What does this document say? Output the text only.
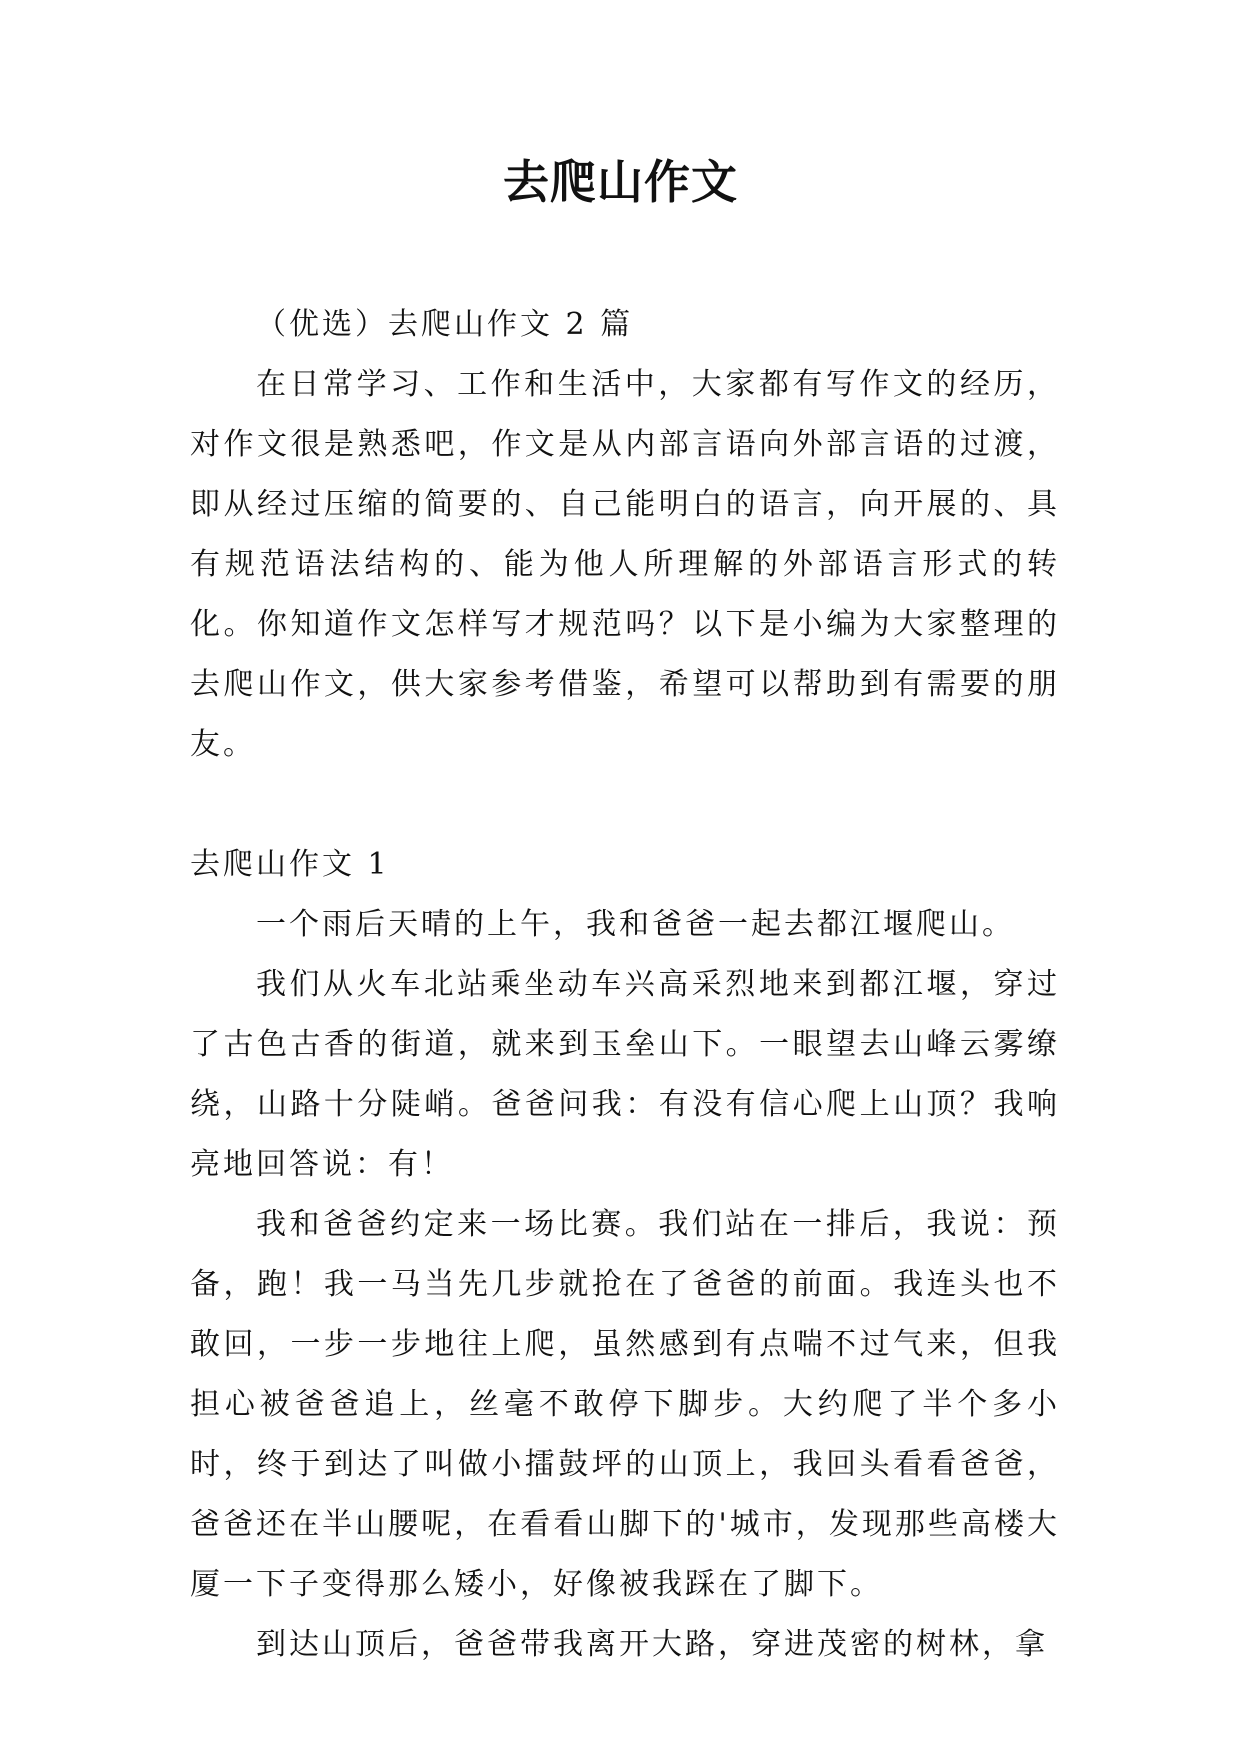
去爬山作文

（优选）去爬山作文 2 篇

在日常学习、工作和生活中，大家都有写作文的经历，对作文很是熟悉吧，作文是从内部言语向外部言语的过渡，即从经过压缩的简要的、自己能明白的语言，向开展的、具有规范语法结构的、能为他人所理解的外部语言形式的转化。你知道作文怎样写才规范吗？以下是小编为大家整理的去爬山作文，供大家参考借鉴，希望可以帮助到有需要的朋友。

去爬山作文 1

一个雨后天晴的上午，我和爸爸一起去都江堰爬山。

我们从火车北站乘坐动车兴高采烈地来到都江堰，穿过了古色古香的街道，就来到玉垒山下。一眼望去山峰云雾缭绕，山路十分陡峭。爸爸问我：有没有信心爬上山顶？我响亮地回答说：有！

我和爸爸约定来一场比赛。我们站在一排后，我说：预备，跑！我一马当先几步就抢在了爸爸的前面。我连头也不敢回，一步一步地往上爬，虽然感到有点喘不过气来，但我担心被爸爸追上，丝毫不敢停下脚步。大约爬了半个多小时，终于到达了叫做小擂鼓坪的山顶上，我回头看看爸爸，爸爸还在半山腰呢，在看看山脚下的'城市，发现那些高楼大厦一下子变得那么矮小，好像被我踩在了脚下。

到达山顶后，爸爸带我离开大路，穿进茂密的树林，拿
